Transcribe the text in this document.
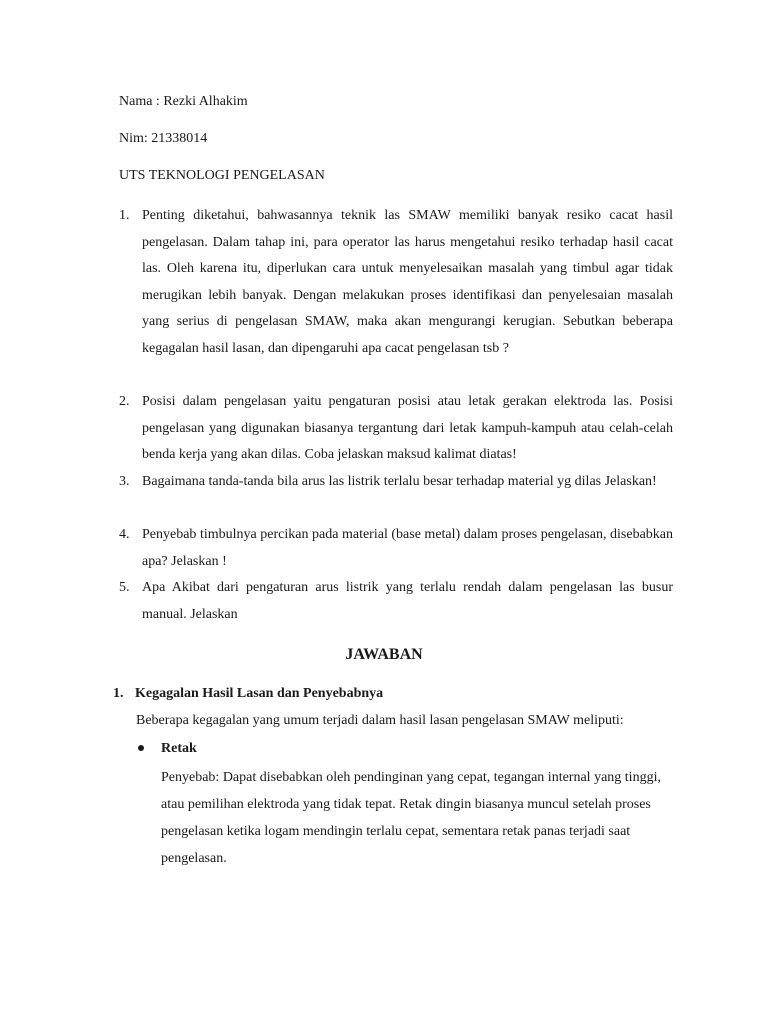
Nama : Rezki Alhakim
Nim: 21338014
UTS TEKNOLOGI PENGELASAN
1. Penting diketahui, bahwasannya teknik las SMAW memiliki banyak resiko cacat hasil pengelasan. Dalam tahap ini, para operator las harus mengetahui resiko terhadap hasil cacat las. Oleh karena itu, diperlukan cara untuk menyelesaikan masalah yang timbul agar tidak merugikan lebih banyak. Dengan melakukan proses identifikasi dan penyelesaian masalah yang serius di pengelasan SMAW, maka akan mengurangi kerugian. Sebutkan beberapa kegagalan hasil lasan, dan dipengaruhi apa cacat pengelasan tsb ?
2. Posisi dalam pengelasan yaitu pengaturan posisi atau letak gerakan elektroda las. Posisi pengelasan yang digunakan biasanya tergantung dari letak kampuh-kampuh atau celah-celah benda kerja yang akan dilas. Coba jelaskan maksud kalimat diatas!
3. Bagaimana tanda-tanda bila arus las listrik terlalu besar terhadap material yg dilas Jelaskan!
4. Penyebab timbulnya percikan pada material (base metal) dalam proses pengelasan, disebabkan apa? Jelaskan !
5. Apa Akibat dari pengaturan arus listrik yang terlalu rendah dalam pengelasan las busur manual. Jelaskan
JAWABAN
1. Kegagalan Hasil Lasan dan Penyebabnya
Beberapa kegagalan yang umum terjadi dalam hasil lasan pengelasan SMAW meliputi:
Retak
Penyebab: Dapat disebabkan oleh pendinginan yang cepat, tegangan internal yang tinggi, atau pemilihan elektroda yang tidak tepat. Retak dingin biasanya muncul setelah proses pengelasan ketika logam mendingin terlalu cepat, sementara retak panas terjadi saat pengelasan.
